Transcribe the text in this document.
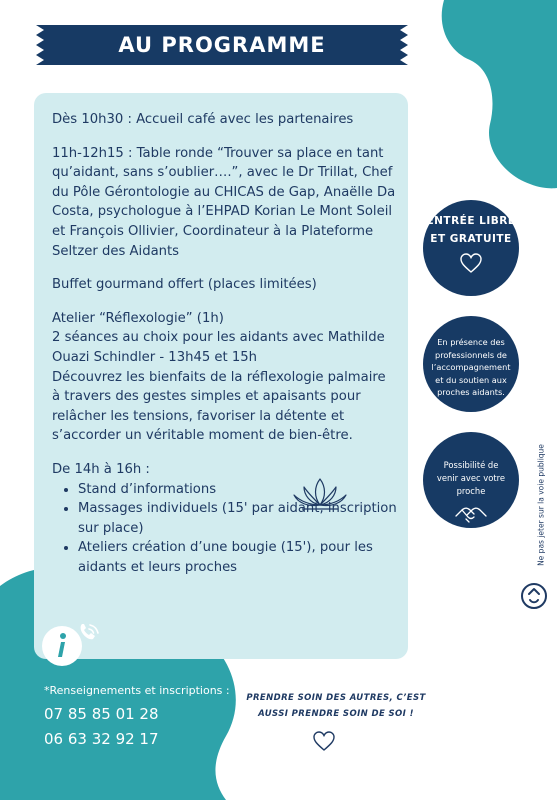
AU PROGRAMME

Dès 10h30 : Accueil café avec les partenaires

11h-12h15 : Table ronde “Trouver sa place en tant qu’aidant, sans s’oublier….”, avec le Dr Trillat, Chef du Pôle Gérontologie au CHICAS de Gap, Anaëlle Da Costa, psychologue à l’EHPAD Korian Le Mont Soleil et François Ollivier, Coordinateur à la Plateforme Seltzer des Aidants

Buffet gourmand offert (places limitées)

Atelier “Réflexologie” (1h)

2 séances au choix pour les aidants avec Mathilde Ouazi Schindler - 13h45 et 15h

Découvrez les bienfaits de la réflexologie palmaire à travers des gestes simples et apaisants pour relâcher les tensions, favoriser la détente et s’accorder un véritable moment de bien-être.

De 14h à 16h :

• Stand d’informations
• Massages individuels (15' par aidant, inscription sur place)
• Ateliers création d’une bougie (15'), pour les aidants et leurs proches
ENTRÉE LIBRE ET GRATUITE
En présence des professionnels de l’accompagnement et du soutien aux proches aidants.
Possibilité de venir avec votre proche	Ne pas jeter sur la voie publique
*Renseignements et inscriptions :
07 85 85 01 28
06 63 32 92 17
PRENDRE SOIN DES AUTRES, C’EST AUSSI PRENDRE SOIN DE SOI !
